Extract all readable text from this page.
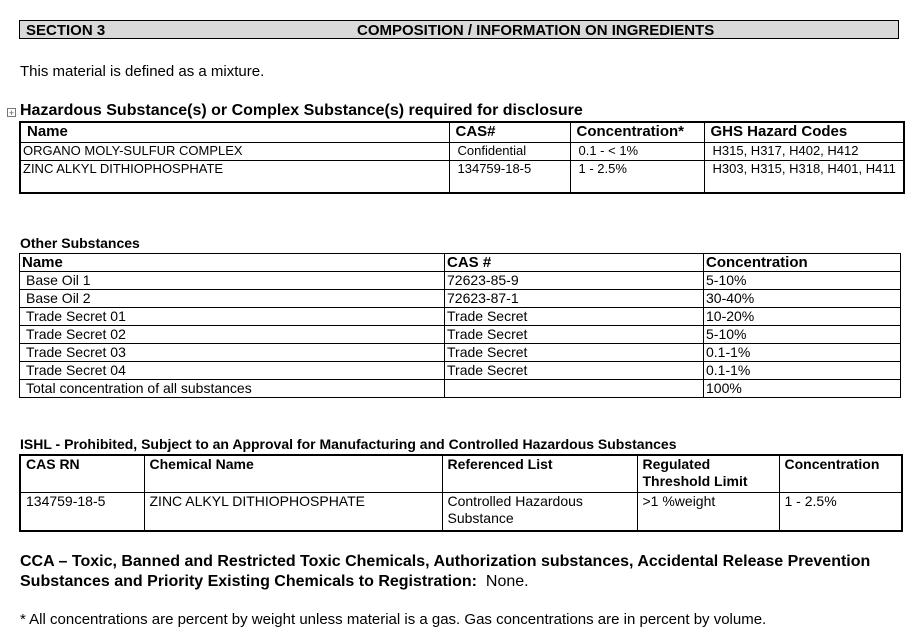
SECTION 3	COMPOSITION / INFORMATION ON INGREDIENTS
This material is defined as a mixture.
+ Hazardous Substance(s) or Complex Substance(s) required for disclosure
Name	CAS#	Concentration*	GHS Hazard Codes
ORGANO MOLY-SULFUR COMPLEX	Confidential	0.1 - < 1%	H315, H317, H402, H412
ZINC ALKYL DITHIOPHOSPHATE	134759-18-5	1 - 2.5%	H303, H315, H318, H401, H411
Other Substances
Name	CAS #	Concentration
Base Oil 1	72623-85-9	5-10%
Base Oil 2	72623-87-1	30-40%
Trade Secret 01	Trade Secret	10-20%
Trade Secret 02	Trade Secret	5-10%
Trade Secret 03	Trade Secret	0.1-1%
Trade Secret 04	Trade Secret	0.1-1%
Total concentration of all substances		100%
ISHL - Prohibited, Subject to an Approval for Manufacturing and Controlled Hazardous Substances
CAS RN	Chemical Name	Referenced List	Regulated Threshold Limit	Concentration
134759-18-5	ZINC ALKYL DITHIOPHOSPHATE	Controlled Hazardous Substance	>1 %weight	1 - 2.5%
CCA – Toxic, Banned and Restricted Toxic Chemicals, Authorization substances, Accidental Release Prevention Substances and Priority Existing Chemicals to Registration: None.
* All concentrations are percent by weight unless material is a gas. Gas concentrations are in percent by volume.
